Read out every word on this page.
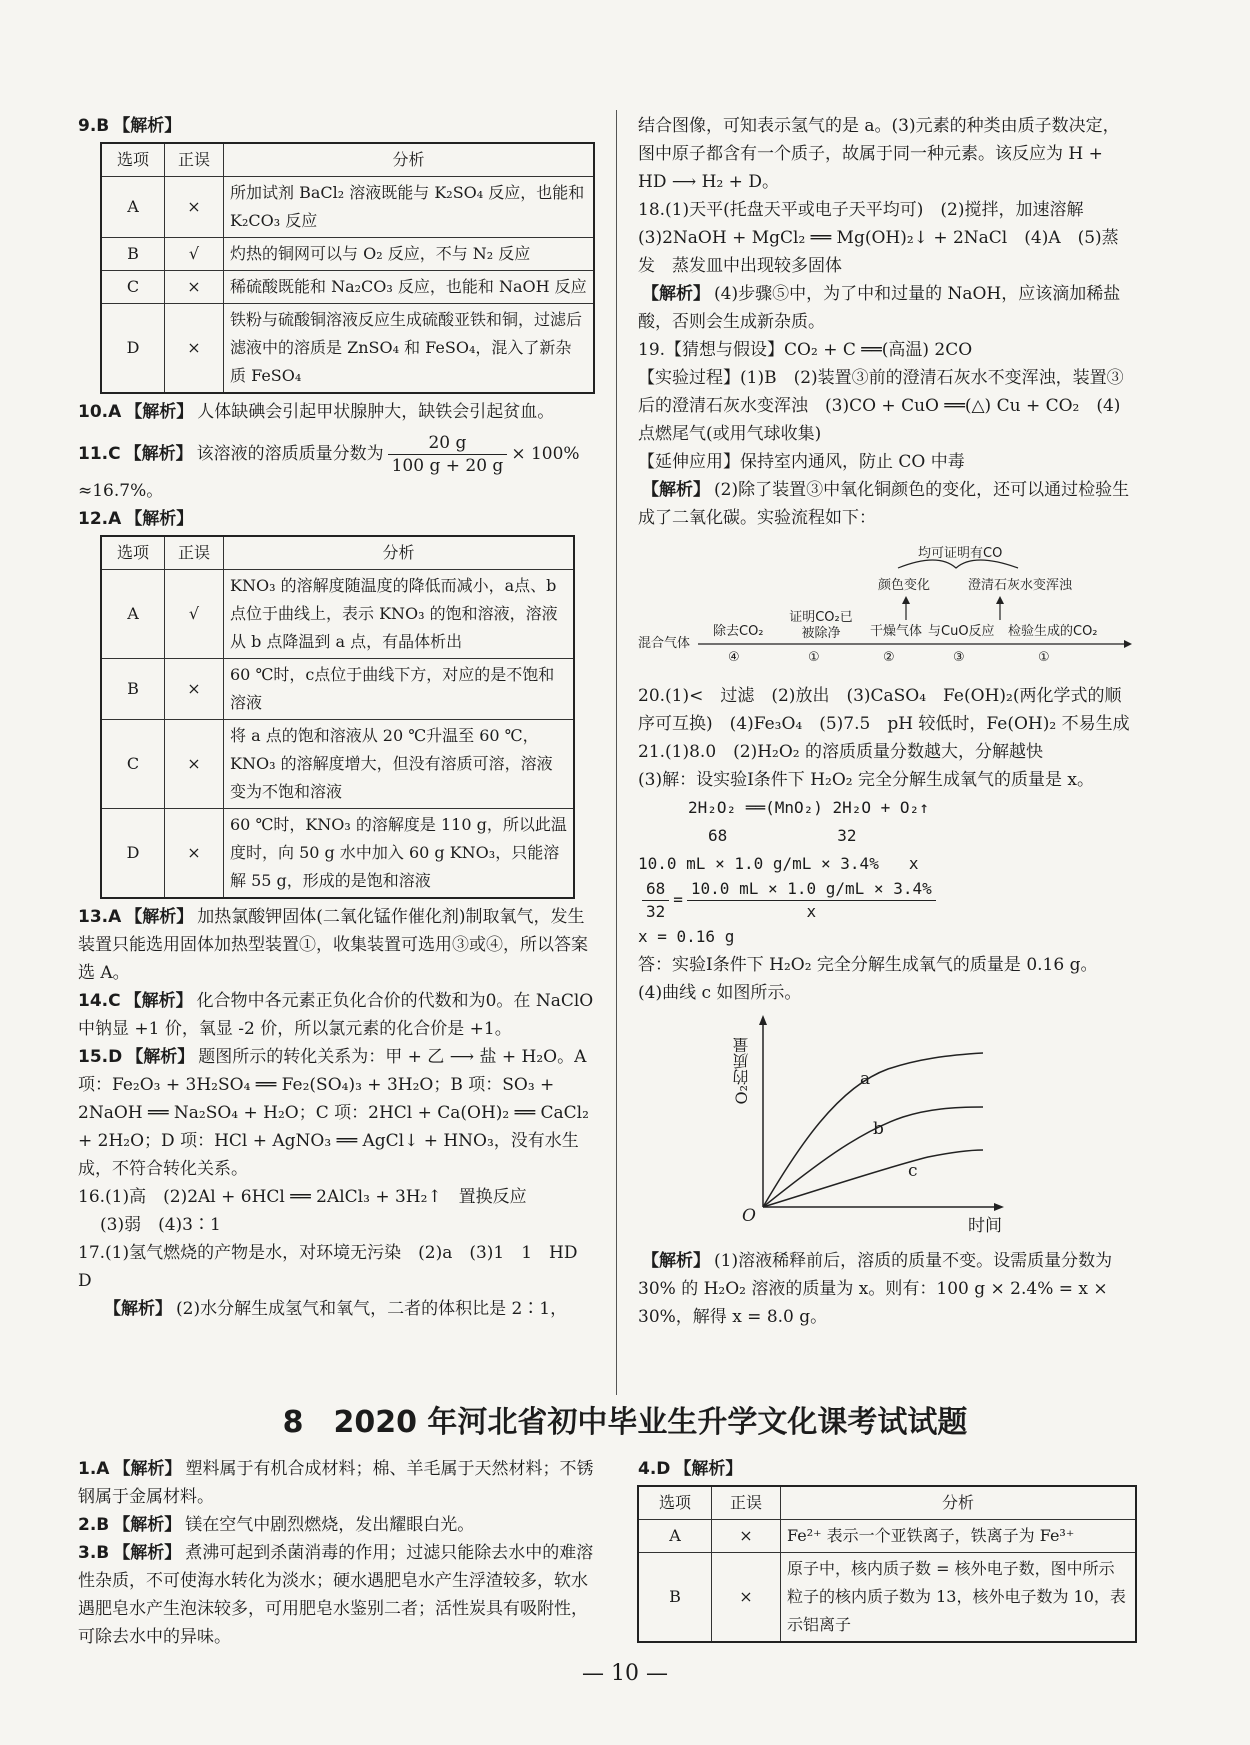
9.B 【解析】

选项	正误	分析
A	×	所加试剂 BaCl₂ 溶液既能与 K₂SO₄ 反应，也能和 K₂CO₃ 反应
B	√	灼热的铜网可以与 O₂ 反应，不与 N₂ 反应
C	×	稀硫酸既能和 Na₂CO₃ 反应，也能和 NaOH 反应
D	×	铁粉与硫酸铜溶液反应生成硫酸亚铁和铜，过滤后滤液中的溶质是 ZnSO₄ 和 FeSO₄，混入了新杂质 FeSO₄

10.A 【解析】 人体缺碘会引起甲状腺肿大，缺铁会引起贫血。

11.C 【解析】 该溶液的溶质质量分数为 $\frac{20 g}{100 g + 20 g} \times 100\%$

≈16.7%。

12.A 【解析】

选项	正误	分析
A	√	KNO₃ 的溶解度随温度的降低而减小，a点、b点位于曲线上，表示 KNO₃ 的饱和溶液，溶液从 b 点降温到 a 点，有晶体析出
B	×	60 ℃时，c点位于曲线下方，对应的是不饱和溶液
C	×	将 a 点的饱和溶液从 20 ℃升温至 60 ℃，KNO₃ 的溶解度增大，但没有溶质可溶，溶液变为不饱和溶液
D	×	60 ℃时，KNO₃ 的溶解度是 110 g，所以此温度时，向 50 g 水中加入 60 g KNO₃，只能溶解 55 g，形成的是饱和溶液

13.A 【解析】 加热氯酸钾固体(二氧化锰作催化剂)制取氧气，发生装置只能选用固体加热型装置①，收集装置可选用③或④，所以答案选 A。

14.C 【解析】 化合物中各元素正负化合价的代数和为0。在 NaClO 中钠显 +1 价，氧显 -2 价，所以氯元素的化合价是 +1。

15.D 【解析】 题图所示的转化关系为：甲 + 乙 ⟶ 盐 + H₂O。A 项：Fe₂O₃ + 3H₂SO₄ ══ Fe₂(SO₄)₃ + 3H₂O；B 项：SO₃ + 2NaOH ══ Na₂SO₄ + H₂O；C 项：2HCl + Ca(OH)₂ ══ CaCl₂ + 2H₂O；D 项：HCl + AgNO₃ ══ AgCl↓ + HNO₃，没有水生成，不符合转化关系。

16.(1)高　(2)2Al + 6HCl ══ 2AlCl₃ + 3H₂↑　置换反应

(3)弱　(4)3∶1

17.(1)氢气燃烧的产物是水，对环境无污染　(2)a　(3)1　1　HD　D

【解析】 (2)水分解生成氢气和氧气，二者的体积比是 2∶1，

结合图像，可知表示氢气的是 a。(3)元素的种类由质子数决定，图中原子都含有一个质子，故属于同一种元素。该反应为 H + HD ⟶ H₂ + D。

18.(1)天平(托盘天平或电子天平均可)　(2)搅拌，加速溶解　(3)2NaOH + MgCl₂ ══ Mg(OH)₂↓ + 2NaCl　(4)A　(5)蒸发　蒸发皿中出现较多固体

【解析】 (4)步骤⑤中，为了中和过量的 NaOH，应该滴加稀盐酸，否则会生成新杂质。

19.【猜想与假设】CO₂ + C ══(高温) 2CO

【实验过程】(1)B　(2)装置③前的澄清石灰水不变浑浊，装置③后的澄清石灰水变浑浊　(3)CO + CuO ══(△) Cu + CO₂　(4)点燃尾气(或用气球收集)

【延伸应用】保持室内通风，防止 CO 中毒

【解析】 (2)除了装置③中氧化铜颜色的变化，还可以通过检验生成了二氧化碳。实验流程如下：

均可证明有CO
颜色变化	澄清石灰水变浑浊
混合气体
除去CO₂
证明CO₂已被除净	干燥气体 与CuO反应 检验生成的CO₂
④	①	②	③	①

20.(1)<　过滤　(2)放出　(3)CaSO₄　Fe(OH)₂(两化学式的顺序可互换)　(4)Fe₃O₄　(5)7.5　pH 较低时，Fe(OH)₂ 不易生成

21.(1)8.0　(2)H₂O₂ 的溶质质量分数越大，分解越快

(3)解：设实验Ⅰ条件下 H₂O₂ 完全分解生成氧气的质量是 x。

2H₂O₂ ══(MnO₂) 2H₂O + O₂↑

68	32

10.0 mL × 1.0 g/mL × 3.4% x

$\frac{68}{32} = \frac{10.0 mL \times 1.0 g/mL \times 3.4\%}{x}$

x = 0.16 g

答：实验Ⅰ条件下 H₂O₂ 完全分解生成氧气的质量是 0.16 g。

(4)曲线 c 如图所示。

O₂的质量
时间
O
a
b
c

【解析】 (1)溶液稀释前后，溶质的质量不变。设需质量分数为 30% 的 H₂O₂ 溶液的质量为 x。则有：100 g × 2.4% = x × 30%，解得 x = 8.0 g。

8　2020 年河北省初中毕业生升学文化课考试试题

1.A 【解析】 塑料属于有机合成材料；棉、羊毛属于天然材料；不锈钢属于金属材料。

2.B 【解析】 镁在空气中剧烈燃烧，发出耀眼白光。

3.B 【解析】 煮沸可起到杀菌消毒的作用；过滤只能除去水中的难溶性杂质，不可使海水转化为淡水；硬水遇肥皂水产生浮渣较多，软水遇肥皂水产生泡沫较多，可用肥皂水鉴别二者；活性炭具有吸附性，可除去水中的异味。

4.D 【解析】

选项	正误	分析
A	×	Fe²⁺ 表示一个亚铁离子，铁离子为 Fe³⁺
B	×	原子中，核内质子数 = 核外电子数，图中所示粒子的核内质子数为 13，核外电子数为 10，表示铝离子
— 10 —
